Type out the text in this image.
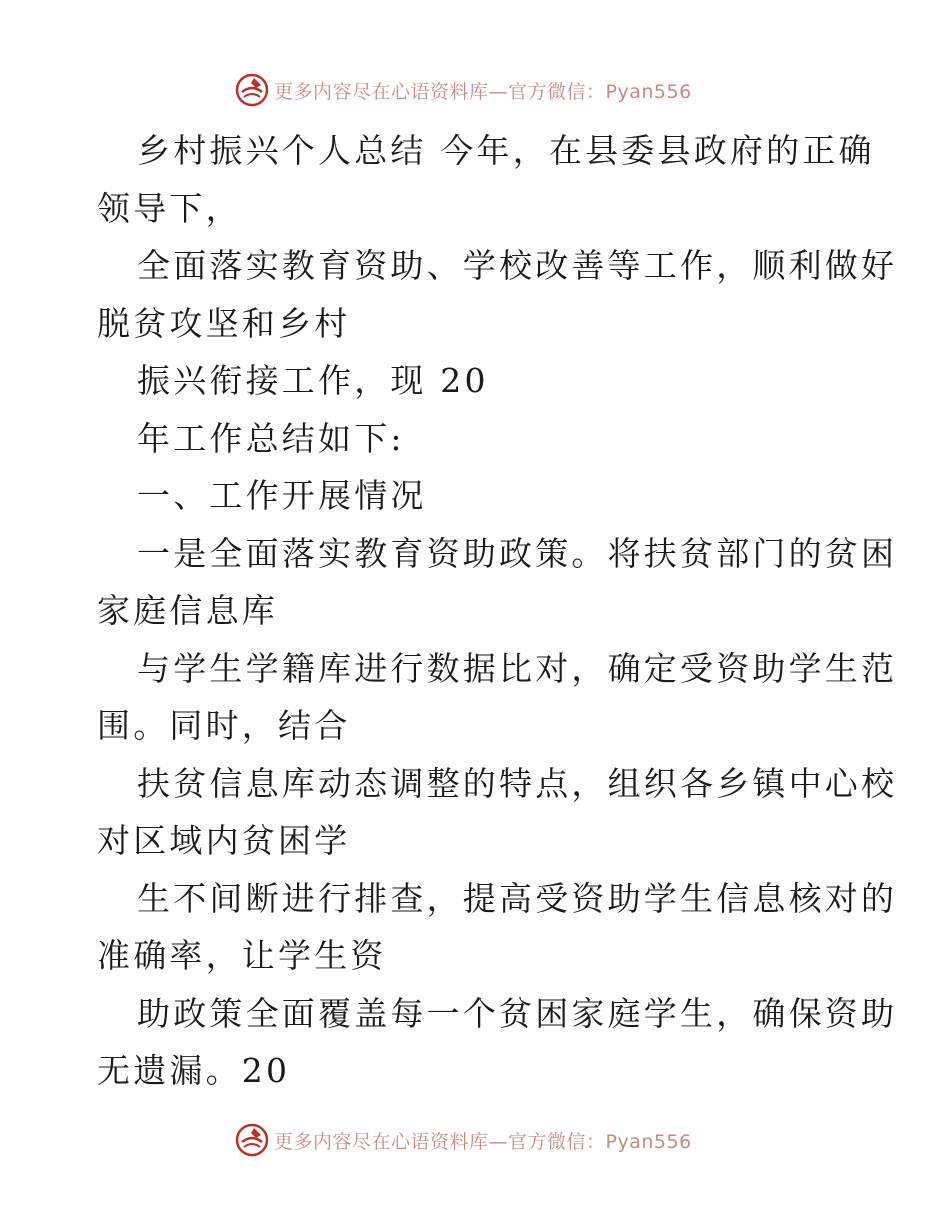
更多内容尽在心语资料库—官方微信：Pyan556
乡村振兴个人总结 今年，在县委县政府的正确
领导下，
全面落实教育资助、学校改善等工作，顺利做好
脱贫攻坚和乡村
振兴衔接工作，现 20
年工作总结如下:
一、工作开展情况
一是全面落实教育资助政策。将扶贫部门的贫困
家庭信息库
与学生学籍库进行数据比对，确定受资助学生范
围。同时，结合
扶贫信息库动态调整的特点，组织各乡镇中心校
对区域内贫困学
生不间断进行排查，提高受资助学生信息核对的
准确率，让学生资
助政策全面覆盖每一个贫困家庭学生，确保资助
无遗漏。20
更多内容尽在心语资料库—官方微信：Pyan556
